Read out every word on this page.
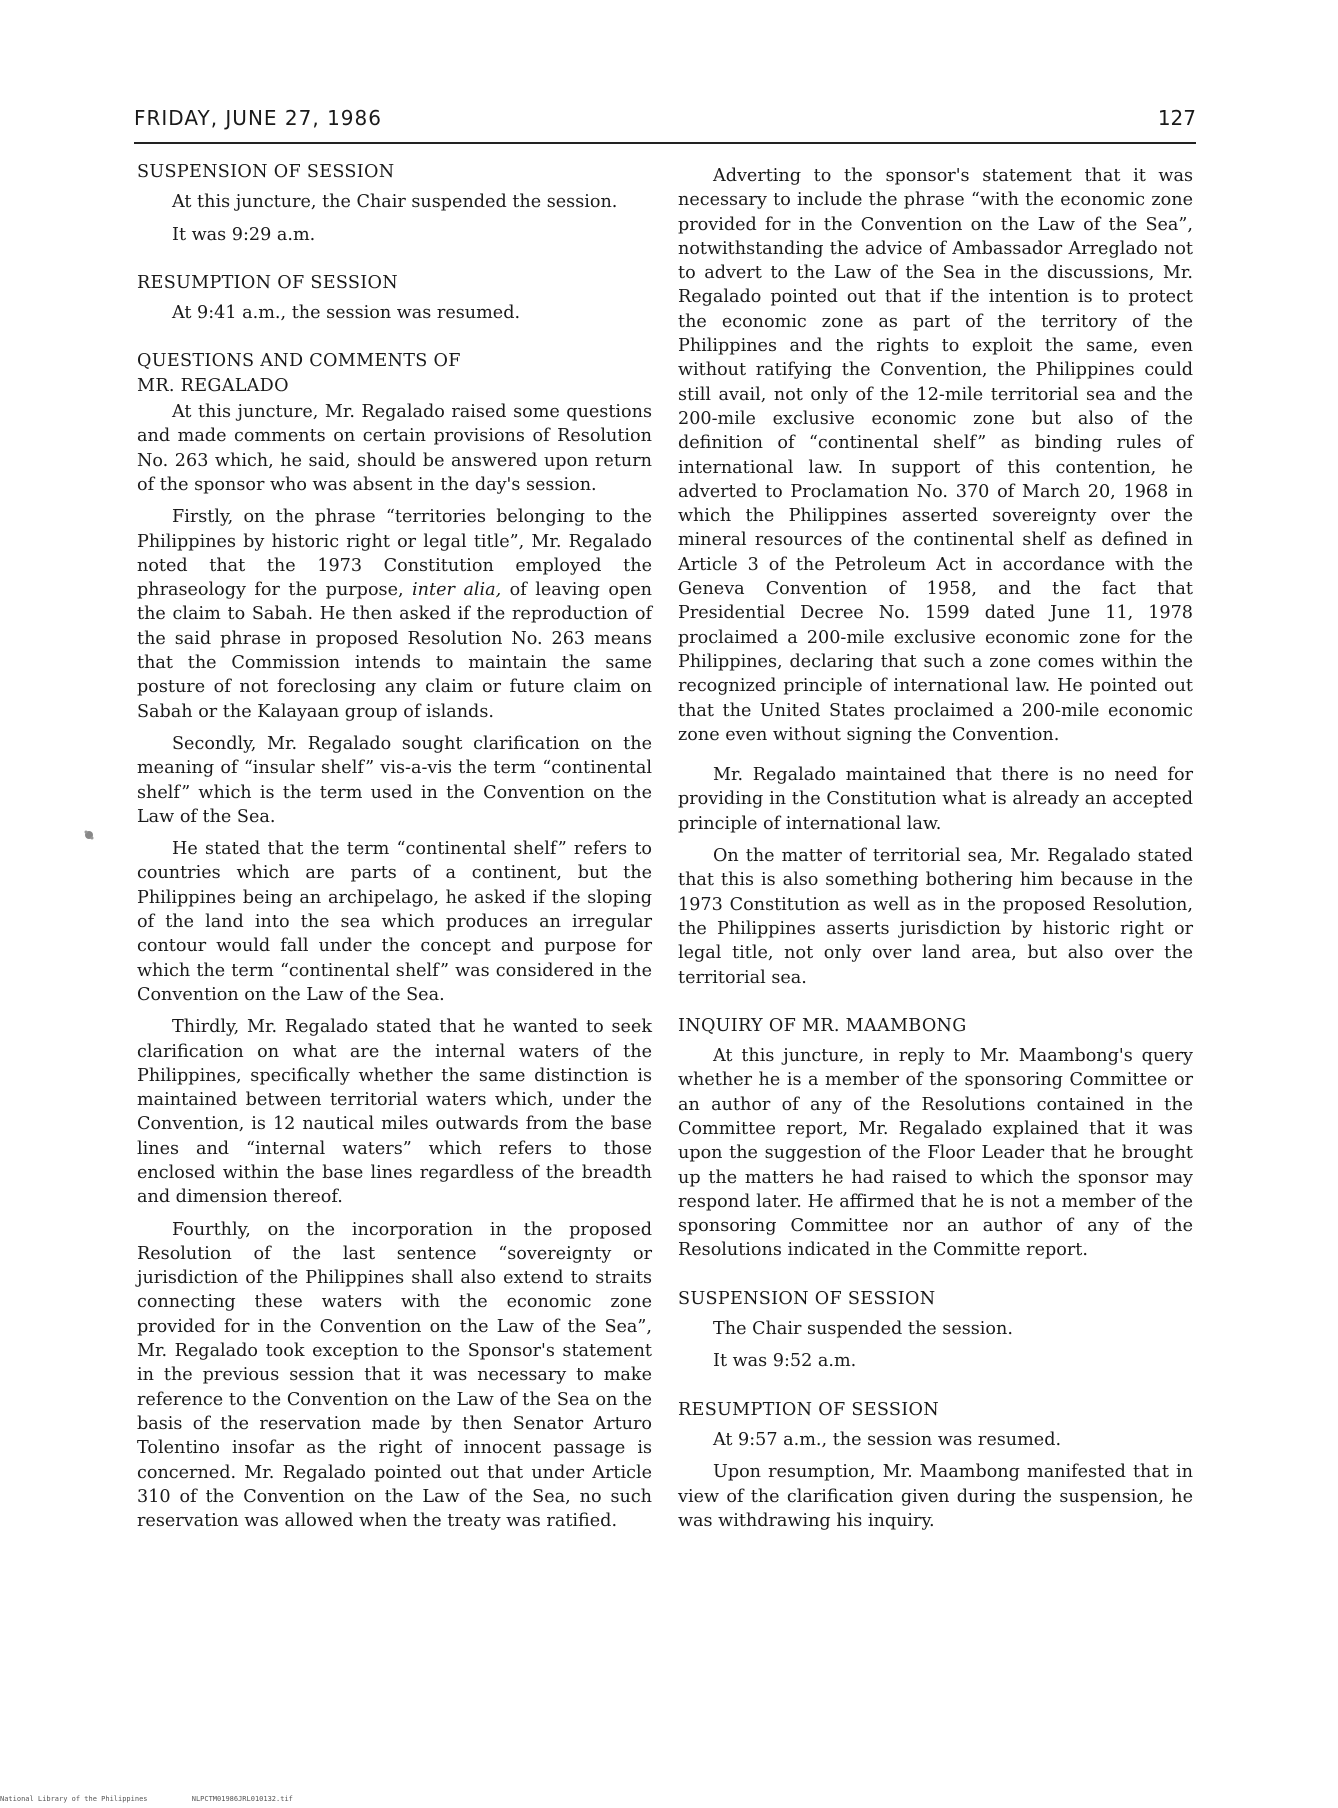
FRIDAY, JUNE 27, 1986	127
SUSPENSION OF SESSION

At this juncture, the Chair suspended the session.

It was 9:29 a.m.

RESUMPTION OF SESSION

At 9:41 a.m., the session was resumed.

QUESTIONS AND COMMENTS OF
MR. REGALADO

At this juncture, Mr. Regalado raised some questions and made comments on certain provisions of Resolution No. 263 which, he said, should be answered upon return of the sponsor who was absent in the day's session.

Firstly, on the phrase “territories belonging to the Philippines by historic right or legal title”, Mr. Regalado noted that the 1973 Constitution employed the phraseology for the purpose, inter alia, of leaving open the claim to Sabah. He then asked if the reproduction of the said phrase in proposed Resolution No. 263 means that the Commission intends to maintain the same posture of not foreclosing any claim or future claim on Sabah or the Kalayaan group of islands.

Secondly, Mr. Regalado sought clarification on the meaning of “insular shelf” vis-a-vis the term “continental shelf” which is the term used in the Convention on the Law of the Sea.

He stated that the term “continental shelf” refers to countries which are parts of a continent, but the Philippines being an archipelago, he asked if the sloping of the land into the sea which produces an irregular contour would fall under the concept and purpose for which the term “continental shelf” was considered in the Convention on the Law of the Sea.

Thirdly, Mr. Regalado stated that he wanted to seek clarification on what are the internal waters of the Philippines, specifically whether the same distinction is maintained between territorial waters which, under the Convention, is 12 nautical miles outwards from the base lines and “internal waters” which refers to those enclosed within the base lines regardless of the breadth and dimension thereof.

Fourthly, on the incorporation in the proposed Resolution of the last sentence “sovereignty or jurisdiction of the Philippines shall also extend to straits connecting these waters with the economic zone provided for in the Convention on the Law of the Sea”, Mr. Regalado took exception to the Sponsor's statement in the previous session that it was necessary to make reference to the Convention on the Law of the Sea on the basis of the reservation made by then Senator Arturo Tolentino insofar as the right of innocent passage is concerned. Mr. Regalado pointed out that under Article 310 of the Convention on the Law of the Sea, no such reservation was allowed when the treaty was ratified.

Adverting to the sponsor's statement that it was necessary to include the phrase “with the economic zone provided for in the Convention on the Law of the Sea”, notwithstanding the advice of Ambassador Arreglado not to advert to the Law of the Sea in the discussions, Mr. Regalado pointed out that if the intention is to protect the economic zone as part of the territory of the Philippines and the rights to exploit the same, even without ratifying the Convention, the Philippines could still avail, not only of the 12-mile territorial sea and the 200-mile exclusive economic zone but also of the definition of “continental shelf” as binding rules of international law. In support of this contention, he adverted to Proclamation No. 370 of March 20, 1968 in which the Philippines asserted sovereignty over the mineral resources of the continental shelf as defined in Article 3 of the Petroleum Act in accordance with the Geneva Convention of 1958, and the fact that Presidential Decree No. 1599 dated June 11, 1978 proclaimed a 200-mile exclusive economic zone for the Philippines, declaring that such a zone comes within the recognized principle of international law. He pointed out that the United States proclaimed a 200-mile economic zone even without signing the Convention.

Mr. Regalado maintained that there is no need for providing in the Constitution what is already an accepted principle of international law.

On the matter of territorial sea, Mr. Regalado stated that this is also something bothering him because in the 1973 Constitution as well as in the proposed Resolution, the Philippines asserts jurisdiction by historic right or legal title, not only over land area, but also over the territorial sea.

INQUIRY OF MR. MAAMBONG

At this juncture, in reply to Mr. Maambong's query whether he is a member of the sponsoring Committee or an author of any of the Resolutions contained in the Committee report, Mr. Regalado explained that it was upon the suggestion of the Floor Leader that he brought up the matters he had raised to which the sponsor may respond later. He affirmed that he is not a member of the sponsoring Committee nor an author of any of the Resolutions indicated in the Committe report.

SUSPENSION OF SESSION

The Chair suspended the session.

It was 9:52 a.m.

RESUMPTION OF SESSION

At 9:57 a.m., the session was resumed.

Upon resumption, Mr. Maambong manifested that in view of the clarification given during the suspension, he was withdrawing his inquiry.

National Library of the Philippines	NLPCTM01986JRL010132.tif
